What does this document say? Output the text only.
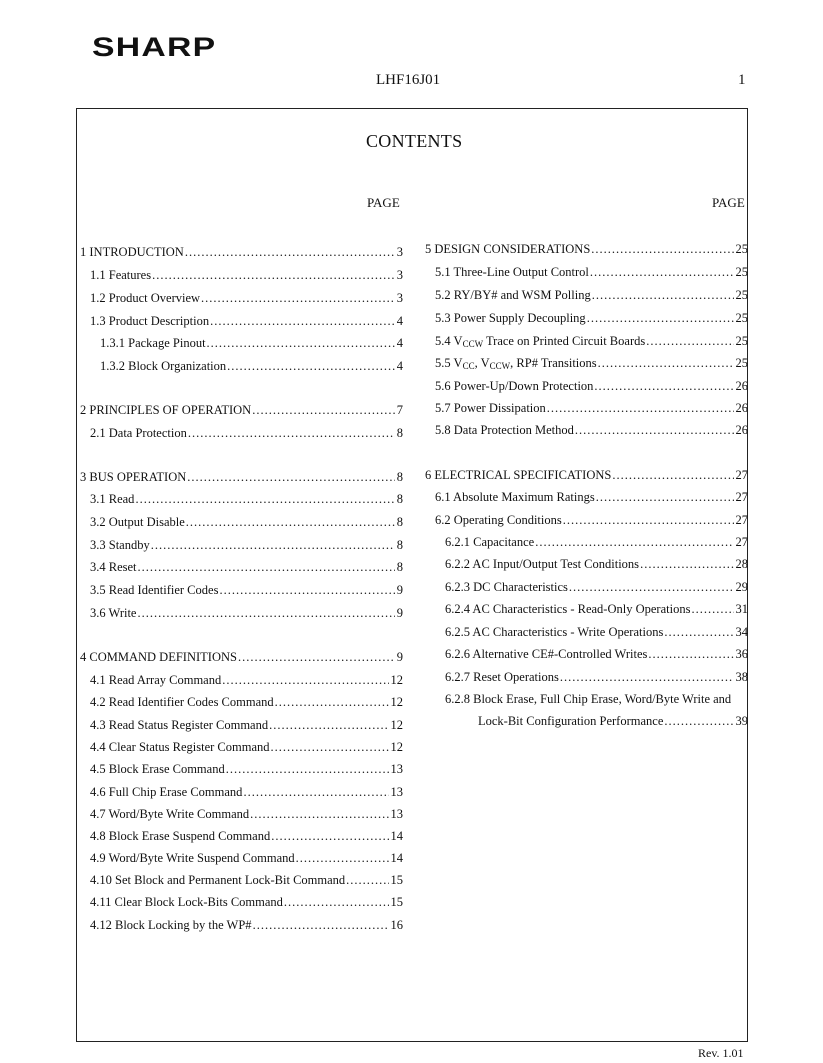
SHARP
LHF16J01	1
CONTENTS
PAGE	PAGE
1 INTRODUCTION .....	3
1.1 Features .....	3
1.2 Product Overview .....	3
1.3 Product Description .....	4
1.3.1 Package Pinout .....	4
1.3.2 Block Organization .....	4
2 PRINCIPLES OF OPERATION .....	7
2.1 Data Protection .....	8
3 BUS OPERATION .....	8
3.1 Read .....	8
3.2 Output Disable .....	8
3.3 Standby .....	8
3.4 Reset .....	8
3.5 Read Identifier Codes .....	9
3.6 Write .....	9
4 COMMAND DEFINITIONS .....	9
4.1 Read Array Command .....	12
4.2 Read Identifier Codes Command .....	12
4.3 Read Status Register Command .....	12
4.4 Clear Status Register Command .....	12
4.5 Block Erase Command .....	13
4.6 Full Chip Erase Command .....	13
4.7 Word/Byte Write Command .....	13
4.8 Block Erase Suspend Command .....	14
4.9 Word/Byte Write Suspend Command .....	14
4.10 Set Block and Permanent Lock-Bit Command .....	15
4.11 Clear Block Lock-Bits Command .....	15
4.12 Block Locking by the WP# .....	16
5 DESIGN CONSIDERATIONS .....	25
5.1 Three-Line Output Control .....	25
5.2 RY/BY# and WSM Polling .....	25
5.3 Power Supply Decoupling .....	25
5.4 $V_{CCW}$ Trace on Printed Circuit Boards .....	25
5.5 $V_{CC}$, $V_{CCW}$, RP# Transitions .....	25
5.6 Power-Up/Down Protection .....	26
5.7 Power Dissipation .....	26
5.8 Data Protection Method .....	26
6 ELECTRICAL SPECIFICATIONS .....	27
6.1 Absolute Maximum Ratings .....	27
6.2 Operating Conditions .....	27
6.2.1 Capacitance .....	27
6.2.2 AC Input/Output Test Conditions .....	28
6.2.3 DC Characteristics .....	29
6.2.4 AC Characteristics - Read-Only Operations .....	31
6.2.5 AC Characteristics - Write Operations .....	34
6.2.6 Alternative CE#-Controlled Writes .....	36
6.2.7 Reset Operations .....	38
6.2.8 Block Erase, Full Chip Erase, Word/Byte Write and
Lock-Bit Configuration Performance .....	39
Rev. 1.01
